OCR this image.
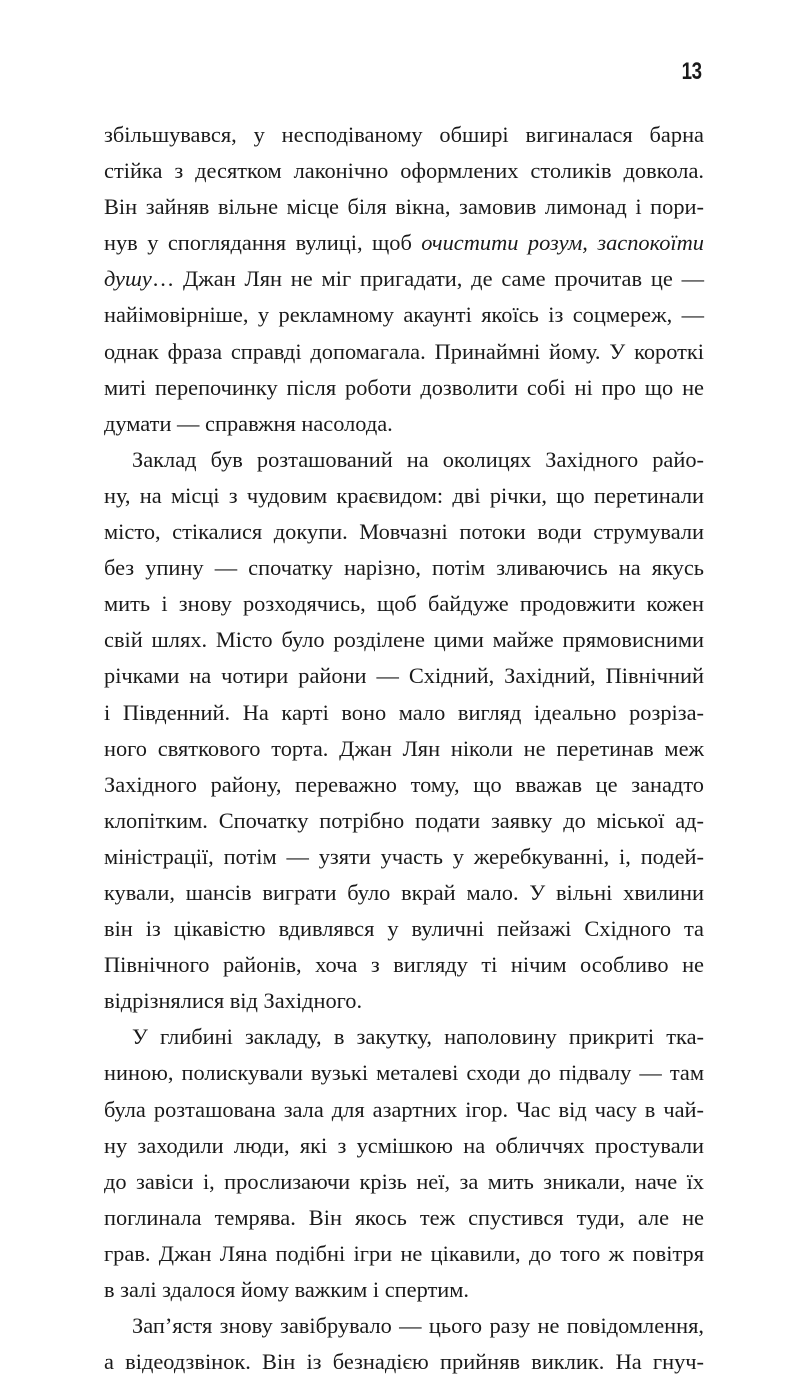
13
збільшувався, у несподіваному обширі вигиналася барна
стійка з десятком лаконічно оформлених столиків довкола.
Він зайняв вільне місце біля вікна, замовив лимонад і пори-
нув у споглядання вулиці, щоб очистити розум, заспокоїти
душу… Джан Лян не міг пригадати, де саме прочитав це —
найімовірніше, у рекламному акаунті якоїсь із соцмереж, —
однак фраза справді допомагала. Принаймні йому. У короткі
миті перепочинку після роботи дозволити собі ні про що не
думати — справжня насолода.
Заклад був розташований на околицях Західного райо-
ну, на місці з чудовим краєвидом: дві річки, що перетинали
місто, стікалися докупи. Мовчазні потоки води струмували
без упину — спочатку нарізно, потім зливаючись на якусь
мить і знову розходячись, щоб байдуже продовжити кожен
свій шлях. Місто було розділене цими майже прямовисними
річками на чотири райони — Східний, Західний, Північний
і Південний. На карті воно мало вигляд ідеально розрiза-
ного святкового торта. Джан Лян ніколи не перетинав меж
Західного району, переважно тому, що вважав це занадто
клопітким. Спочатку потрібно подати заявку до міської ад-
міністрації, потім — узяти участь у жеребкуванні, і, подей-
кували, шансів виграти було вкрай мало. У вільні хвилини
він із цікавістю вдивлявся у вуличні пейзажі Східного та
Північного районів, хоча з вигляду ті нічим особливо не
відрізнялися від Західного.
У глибині закладу, в закутку, наполовину прикриті тка-
ниною, полискували вузькі металеві сходи до підвалу — там
була розташована зала для азартних ігор. Час від часу в чай-
ну заходили люди, які з усмішкою на обличчях простували
до завіси і, прослизаючи крізь неї, за мить зникали, наче їх
поглинала темрява. Він якось теж спустився туди, але не
грав. Джан Ляна подібні ігри не цікавили, до того ж повітря
в залі здалося йому важким і спертим.
Зап’ястя знову завібрувало — цього разу не повідомлення,
а відеодзвінок. Він із безнадією прийняв виклик. На гнуч-
